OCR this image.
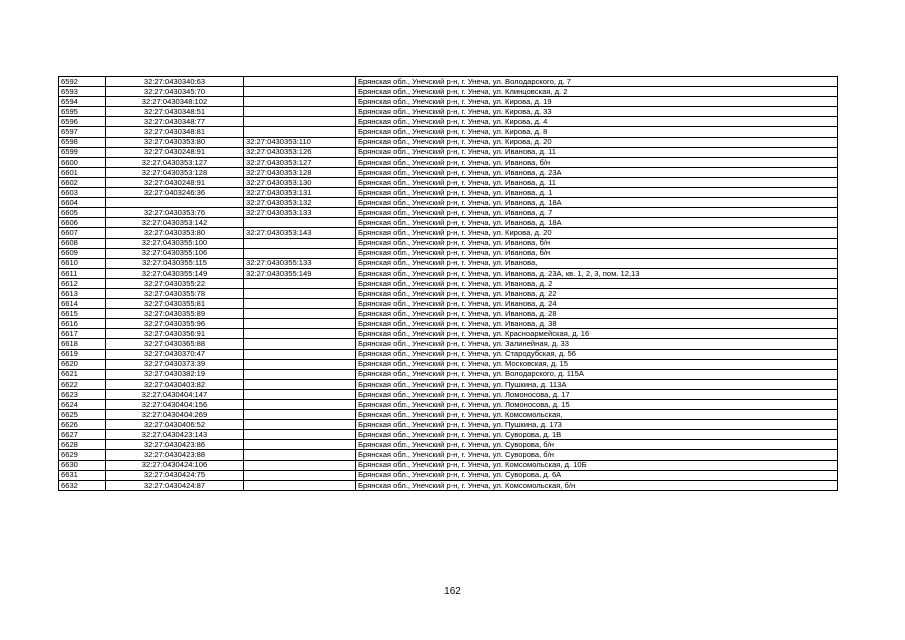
6592	32:27:0430340:63		Брянская обл., Унечский р-н, г. Унеча, ул. Володарского, д. 7
6593	32:27:0430345:70		Брянская обл., Унечский р-н, г. Унеча, ул. Клинцовская, д. 2
6594	32:27:0430348:102		Брянская обл., Унечский р-н, г. Унеча, ул. Кирова, д. 19
6595	32:27:0430348:51		Брянская обл., Унечский р-н, г. Унеча, ул. Кирова, д. 33
6596	32:27:0430348:77		Брянская обл., Унечский р-н, г. Унеча, ул. Кирова, д. 4
6597	32:27:0430348:81		Брянская обл., Унечский р-н, г. Унеча, ул. Кирова, д. 8
6598	32:27:0430353:80	32:27:0430353:110	Брянская обл., Унечский р-н, г. Унеча, ул. Кирова, д. 20
6599	32:27:0430248:91	32:27:0430353:126	Брянская обл., Унечский р-н, г. Унеча, ул. Иванова, д. 11
6600	32:27:0430353:127	32:27:0430353:127	Брянская обл., Унечский р-н, г. Унеча, ул. Иванова, б/н
6601	32:27:0430353:128	32:27:0430353:128	Брянская обл., Унечский р-н, г. Унеча, ул. Иванова, д. 23А
6602	32:27:0430248:91	32:27:0430353:130	Брянская обл., Унечский р-н, г. Унеча, ул. Иванова, д. 11
6603	32:27:0403246:36	32:27:0430353:131	Брянская обл., Унечский р-н, г. Унеча, ул. Иванова, д. 1
6604		32:27:0430353:132	Брянская обл., Унечский р-н, г. Унеча, ул. Иванова, д. 18А
6605	32:27:0430353:76	32:27:0430353:133	Брянская обл., Унечский р-н, г. Унеча, ул. Иванова, д. 7
6606	32:27:0430353:142		Брянская обл., Унечский р-н, г. Унеча, ул. Иванова, д. 18А
6607	32:27:0430353:80	32:27:0430353:143	Брянская обл., Унечский р-н, г. Унеча, ул. Кирова, д. 20
6608	32:27:0430355:100		Брянская обл., Унечский р-н, г. Унеча, ул. Иванова, б/н
6609	32:27:0430355:106		Брянская обл., Унечский р-н, г. Унеча, ул. Иванова, б/н
6610	32:27:0430355:115	32:27:0430355:133	Брянская обл., Унечский р-н, г. Унеча, ул. Иванова,
6611	32:27:0430355:149	32:27:0430355:149	Брянская обл., Унечский р-н, г. Унеча, ул. Иванова, д. 23А, кв. 1, 2, 3, пом. 12,13
6612	32:27:0430355:22		Брянская обл., Унечский р-н, г. Унеча, ул. Иванова, д. 2
6613	32:27:0430355:78		Брянская обл., Унечский р-н, г. Унеча, ул. Иванова, д. 22
6614	32:27:0430355:81		Брянская обл., Унечский р-н, г. Унеча, ул. Иванова, д. 24
6615	32:27:0430355:89		Брянская обл., Унечский р-н, г. Унеча, ул. Иванова, д. 28
6616	32:27:0430355:96		Брянская обл., Унечский р-н, г. Унеча, ул. Иванова, д. 38
6617	32:27:0430356:91		Брянская обл., Унечский р-н, г. Унеча, ул. Красноармейская, д. 16
6618	32:27:0430365:88		Брянская обл., Унечский р-н, г. Унеча, ул. Залинейная, д. 33
6619	32:27:0430370:47		Брянская обл., Унечский р-н, г. Унеча, ул. Стародубская, д. 56
6620	32:27:0430373:39		Брянская обл., Унечский р-н, г. Унеча, ул. Московская, д. 15
6621	32:27:0430382:19		Брянская обл., Унечский р-н, г. Унеча, ул. Володарского, д. 115А
6622	32:27:0430403:82		Брянская обл., Унечский р-н, г. Унеча, ул. Пушкина, д. 113А
6623	32:27:0430404:147		Брянская обл., Унечский р-н, г. Унеча, ул. Ломоносова, д. 17
6624	32:27:0430404:156		Брянская обл., Унечский р-н, г. Унеча, ул. Ломоносова, д. 15
6625	32:27:0430404:269		Брянская обл., Унечский р-н, г. Унеча, ул. Комсомольская,
6626	32:27:0430406:52		Брянская обл., Унечский р-н, г. Унеча, ул. Пушкина, д. 173
6627	32:27:0430423:143		Брянская обл., Унечский р-н, г. Унеча, ул. Суворова, д. 1В
6628	32:27:0430423:86		Брянская обл., Унечский р-н, г. Унеча, ул. Суворова, б/н
6629	32:27:0430423:88		Брянская обл., Унечский р-н, г. Унеча, ул. Суворова, б/н
6630	32:27:0430424:106		Брянская обл., Унечский р-н, г. Унеча, ул. Комсомольская, д. 10Б
6631	32:27:0430424:75		Брянская обл., Унечский р-н, г. Унеча, ул. Суворова, д. 6А
6632	32:27:0430424:87		Брянская обл., Унечский р-н, г. Унеча, ул. Комсомольская, б/н
162
